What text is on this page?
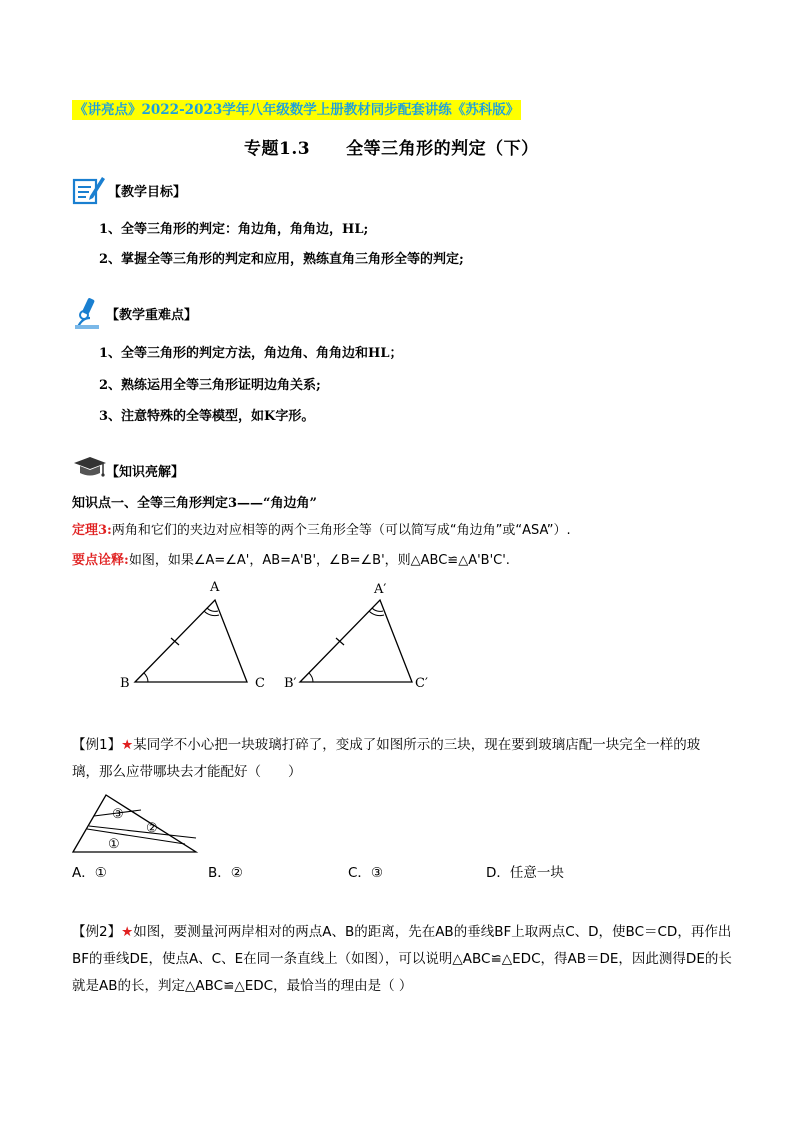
《讲亮点》2022-2023学年八年级数学上册教材同步配套讲练《苏科版》
专题1.3 全等三角形的判定（下）
【教学目标】
1、全等三角形的判定：角边角，角角边，HL;
2、掌握全等三角形的判定和应用，熟练直角三角形全等的判定;
【教学重难点】
1、全等三角形的判定方法，角边角、角角边和HL；
2、熟练运用全等三角形证明边角关系;
3、注意特殊的全等模型，如K字形。
【知识亮解】
知识点一、全等三角形判定3——“角边角”
定理3:两角和它们的夹边对应相等的两个三角形全等（可以简写成“角边角”或“ASA”）.
要点诠释:如图，如果∠A=∠A'，AB=A'B'，∠B=∠B'，则△ABC≌△A'B'C'.
A
B	C
A′
B′	C′
【例1】★某同学不小心把一块玻璃打碎了，变成了如图所示的三块，现在要到玻璃店配一块完全一样的玻璃，那么应带哪块去才能配好（　　）
③
②
①
A．①	B．②	C．③	D．任意一块
【例2】★如图，要测量河两岸相对的两点A、B的距离，先在AB的垂线BF上取两点C、D，使BC＝CD，再作出BF的垂线DE，使点A、C、E在同一条直线上（如图），可以说明△ABC≌△EDC，得AB＝DE，因此测得DE的长就是AB的长，判定△ABC≌△EDC，最恰当的理由是（ ）
